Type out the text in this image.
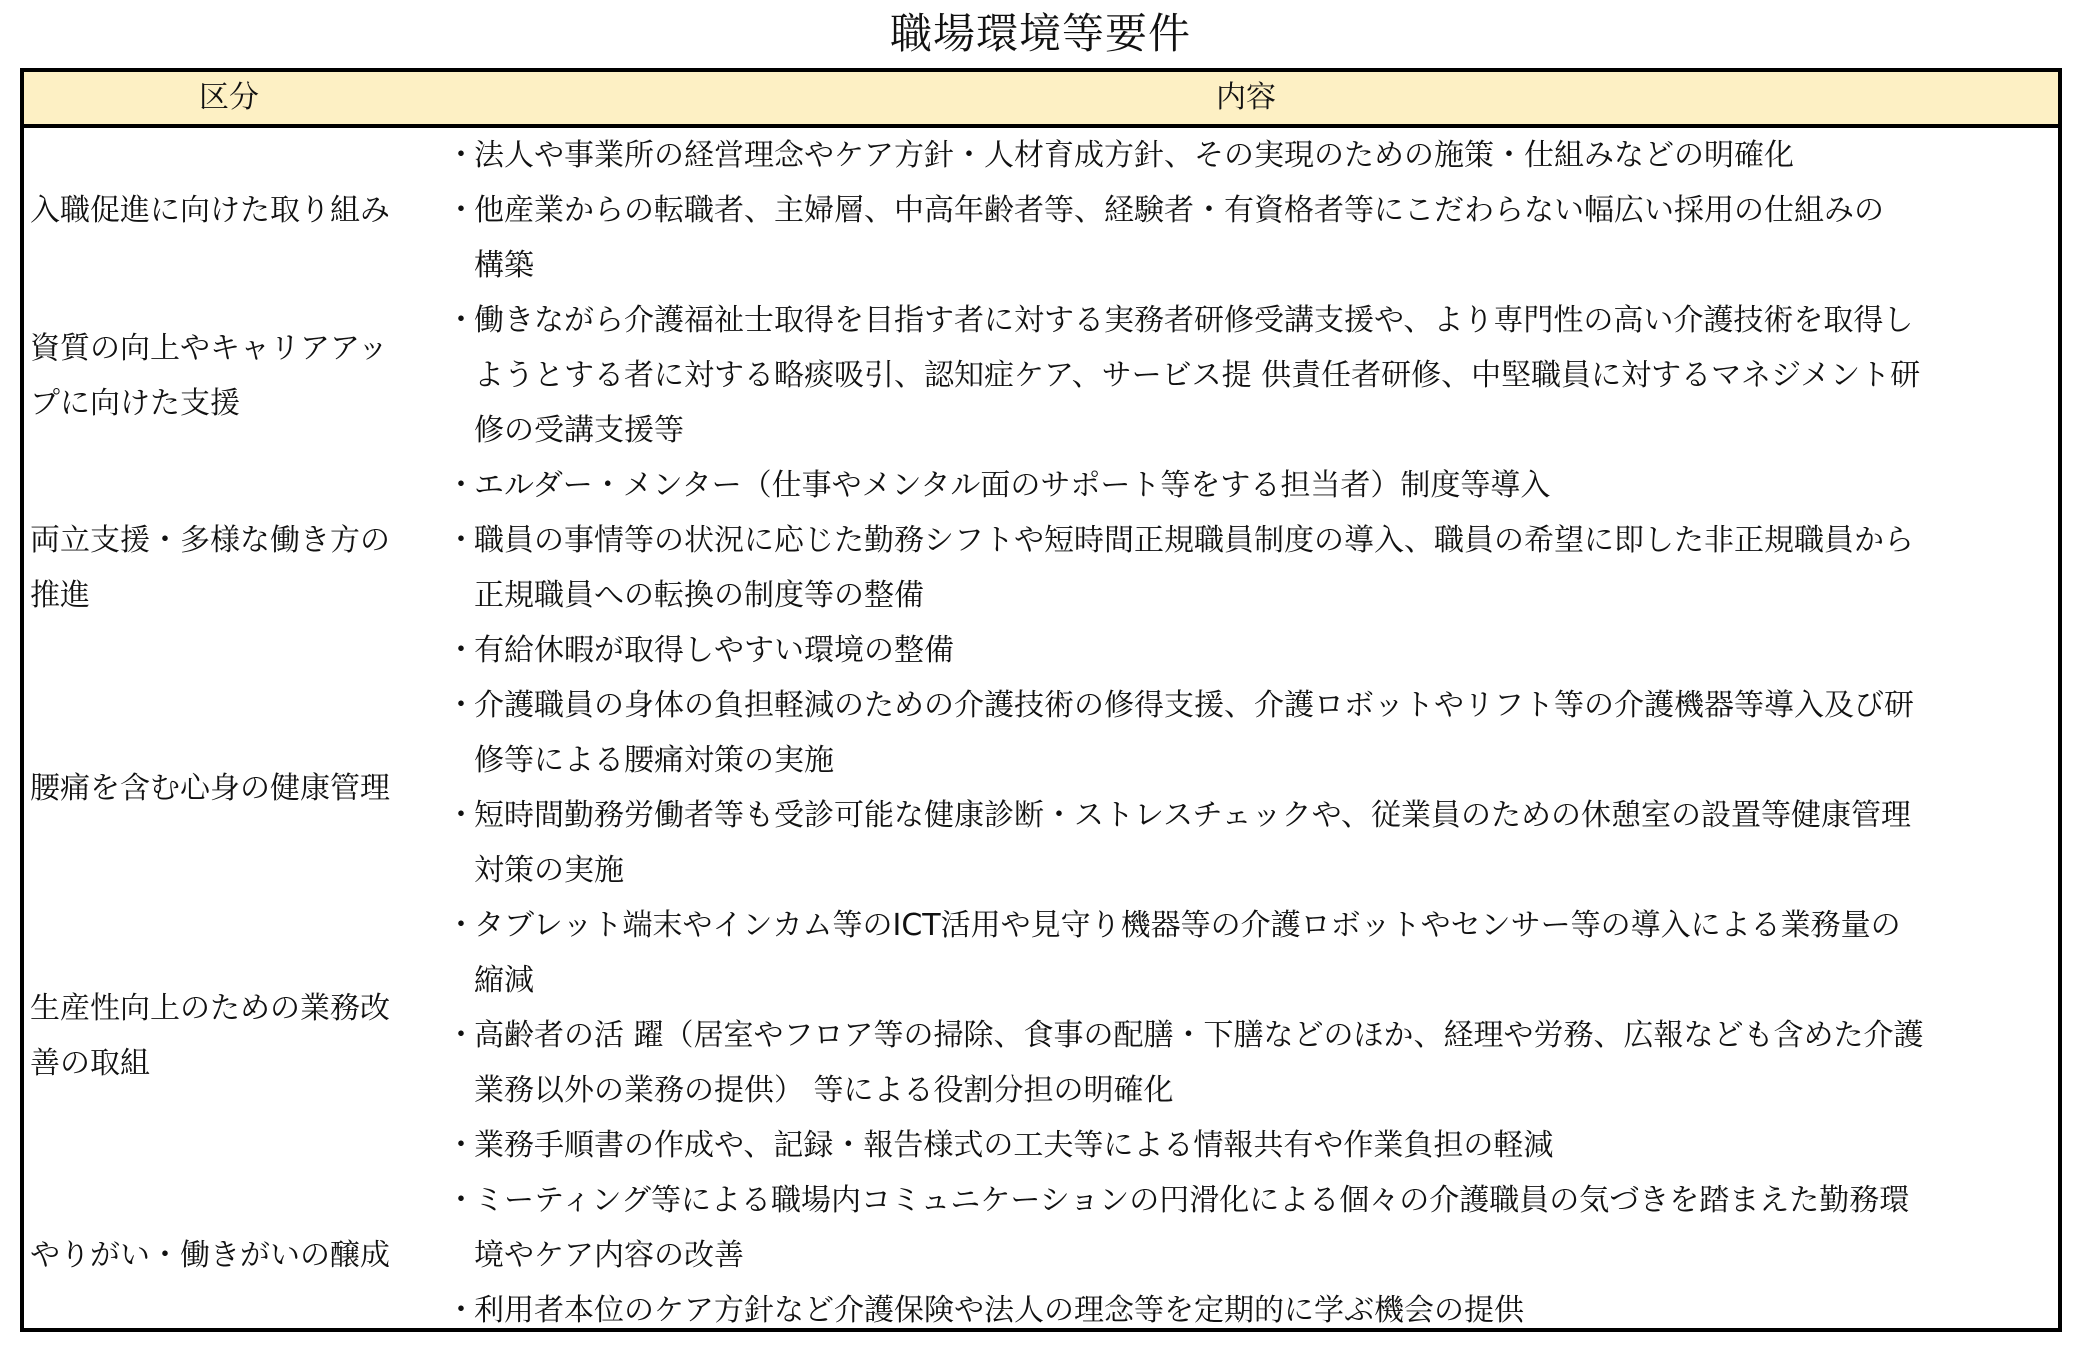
職場環境等要件
区分	内容
入職促進に向けた取り組み
・
法人や事業所の経営理念やケア方針・人材育成方針、その実現のための施策・仕組みなどの明確化
・
他産業からの転職者、主婦層、中高年齢者等、経験者・有資格者等にこだわらない幅広い採用の仕組みの
構築
資質の向上やキャリアアッ
プに向けた支援
・
働きながら介護福祉士取得を目指す者に対する実務者研修受講支援や、より専門性の高い介護技術を取得し
ようとする者に対する略痰吸引、認知症ケア、サービス提 供責任者研修、中堅職員に対するマネジメント研
修の受講支援等
両立支援・多様な働き方の
推進
・
エルダー・メンター（仕事やメンタル面のサポート等をする担当者）制度等導入
・
職員の事情等の状況に応じた勤務シフトや短時間正規職員制度の導入、職員の希望に即した非正規職員から
正規職員への転換の制度等の整備
・
有給休暇が取得しやすい環境の整備
腰痛を含む心身の健康管理
・
介護職員の身体の負担軽減のための介護技術の修得支援、介護ロボットやリフト等の介護機器等導入及び研
修等による腰痛対策の実施
・
短時間勤務労働者等も受診可能な健康診断・ストレスチェックや、従業員のための休憩室の設置等健康管理
対策の実施
生産性向上のための業務改
善の取組
・
タブレット端末やインカム等のICT活用や見守り機器等の介護ロボットやセンサー等の導入による業務量の
縮減
・
高齢者の活 躍（居室やフロア等の掃除、食事の配膳・下膳などのほか、経理や労務、広報なども含めた介護
業務以外の業務の提供） 等による役割分担の明確化
・
業務手順書の作成や、記録・報告様式の工夫等による情報共有や作業負担の軽減
やりがい・働きがいの醸成
・
ミーティング等による職場内コミュニケーションの円滑化による個々の介護職員の気づきを踏まえた勤務環
境やケア内容の改善
・
利用者本位のケア方針など介護保険や法人の理念等を定期的に学ぶ機会の提供
